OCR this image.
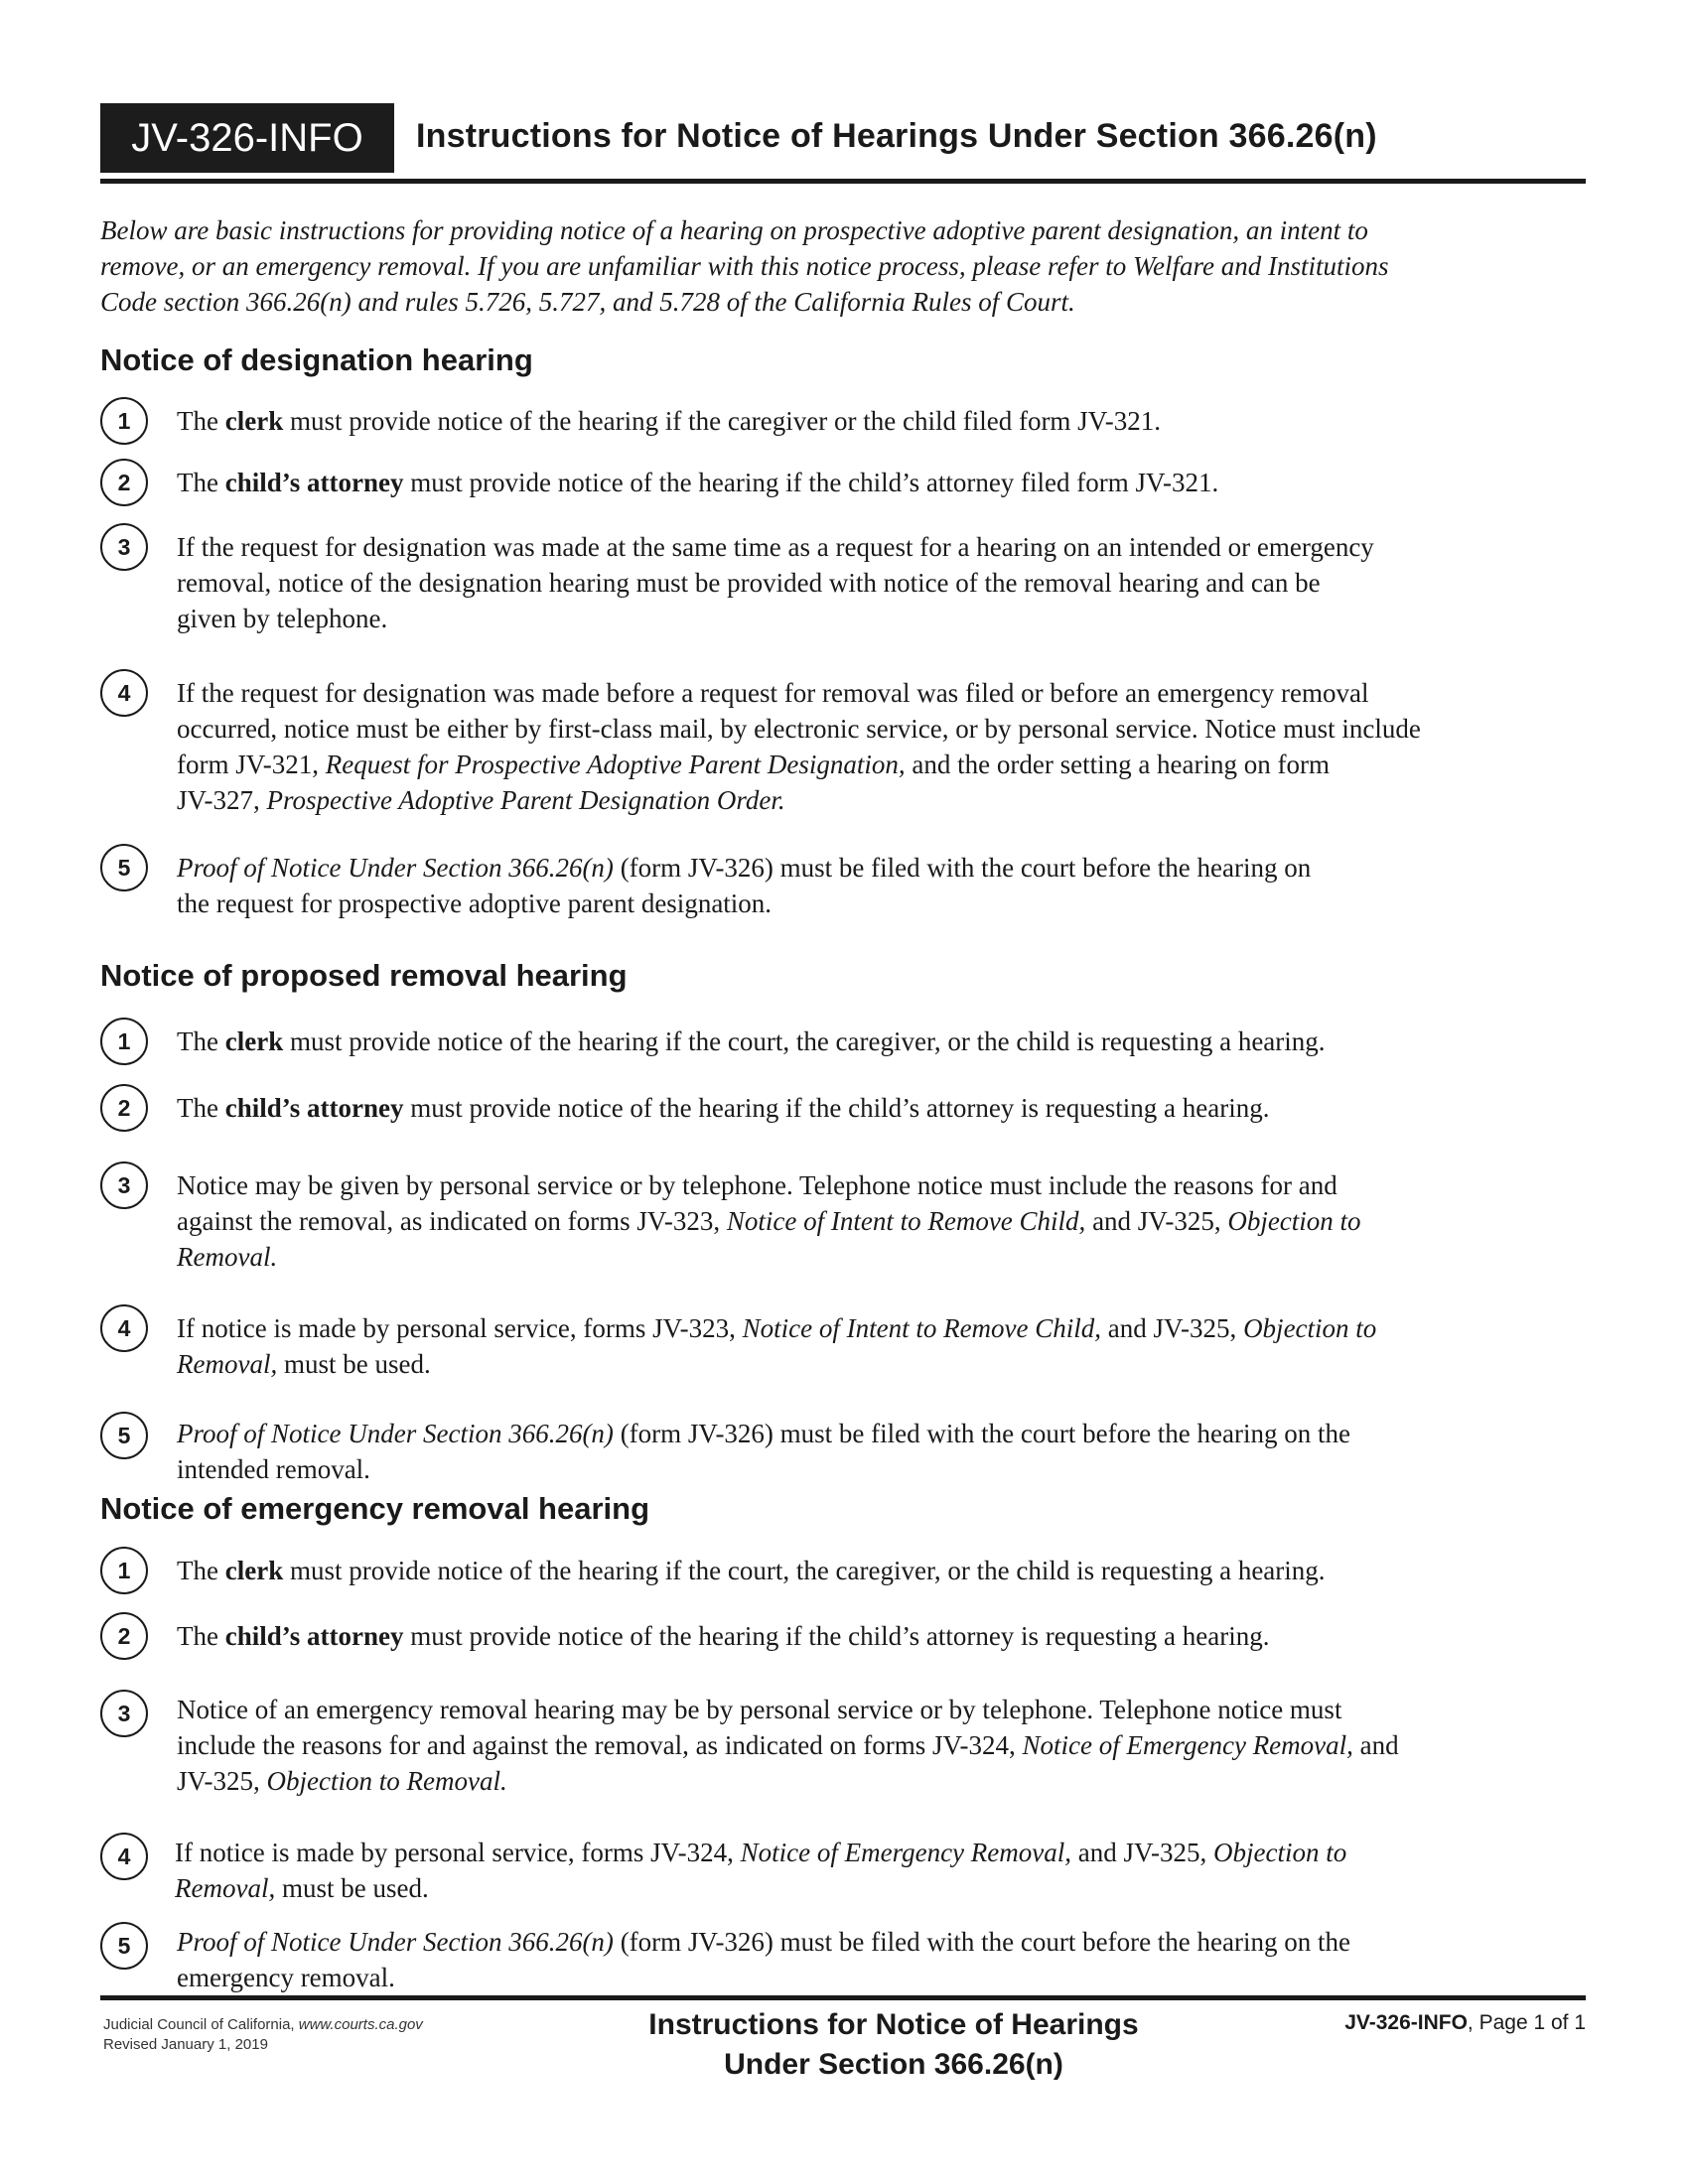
JV-326-INFO	Instructions for Notice of Hearings Under Section 366.26(n)
Below are basic instructions for providing notice of a hearing on prospective adoptive parent designation, an intent to
remove, or an emergency removal. If you are unfamiliar with this notice process, please refer to Welfare and Institutions
Code section 366.26(n) and rules 5.726, 5.727, and 5.728 of the California Rules of Court.
Notice of designation hearing
1	The clerk must provide notice of the hearing if the caregiver or the child filed form JV-321.
2	The child’s attorney must provide notice of the hearing if the child’s attorney filed form JV-321.
3	If the request for designation was made at the same time as a request for a hearing on an intended or emergency
removal, notice of the designation hearing must be provided with notice of the removal hearing and can be
given by telephone.
4	If the request for designation was made before a request for removal was filed or before an emergency removal
occurred, notice must be either by first-class mail, by electronic service, or by personal service. Notice must include
form JV-321, Request for Prospective Adoptive Parent Designation, and the order setting a hearing on form
JV-327, Prospective Adoptive Parent Designation Order.
5	Proof of Notice Under Section 366.26(n) (form JV-326) must be filed with the court before the hearing on
the request for prospective adoptive parent designation.
Notice of proposed removal hearing
1	The clerk must provide notice of the hearing if the court, the caregiver, or the child is requesting a hearing.
2	The child’s attorney must provide notice of the hearing if the child’s attorney is requesting a hearing.
3	Notice may be given by personal service or by telephone. Telephone notice must include the reasons for and
against the removal, as indicated on forms JV-323, Notice of Intent to Remove Child, and JV-325, Objection to
Removal.
4	If notice is made by personal service, forms JV-323, Notice of Intent to Remove Child, and JV-325, Objection to
Removal, must be used.
5	Proof of Notice Under Section 366.26(n) (form JV-326) must be filed with the court before the hearing on the
intended removal.
Notice of emergency removal hearing
1	The clerk must provide notice of the hearing if the court, the caregiver, or the child is requesting a hearing.
2	The child’s attorney must provide notice of the hearing if the child’s attorney is requesting a hearing.
3	Notice of an emergency removal hearing may be by personal service or by telephone. Telephone notice must
include the reasons for and against the removal, as indicated on forms JV-324, Notice of Emergency Removal, and
JV-325, Objection to Removal.
4	If notice is made by personal service, forms JV-324, Notice of Emergency Removal, and JV-325, Objection to
Removal, must be used.
5	Proof of Notice Under Section 366.26(n) (form JV-326) must be filed with the court before the hearing on the
emergency removal.
Judicial Council of California, www.courts.ca.gov
Revised January 1, 2019
Instructions for Notice of Hearings
Under Section 366.26(n)
JV-326-INFO, Page 1 of 1
